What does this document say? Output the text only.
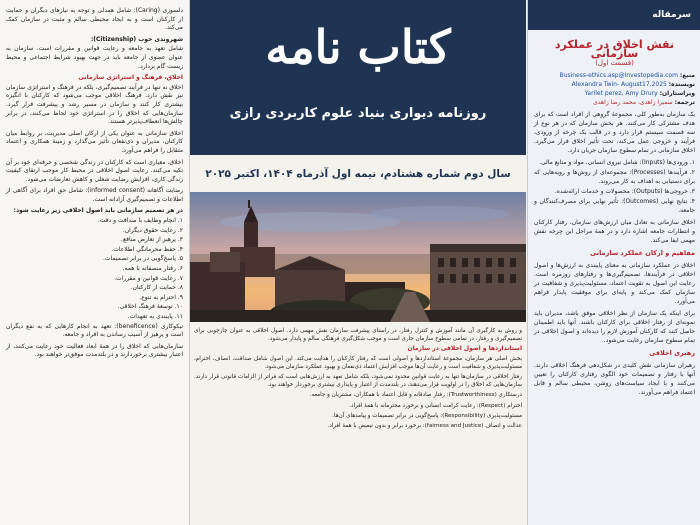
سرمقاله
نقش اخلاق در عملکرد سازمانی
(قسمت اول)
منبع: Business-ethics.asp@Investopedia.com
نویسنده: Alexandra Twin- August17,2025
ویراستاران: Yarilet perez, Amy Drury
ترجمه: سمیرا زاهدی، محمد رضا زاهدی

یک سازمان به‌طور کلی، مجموعۀ گروهی از افراد است که برای هدف مشترکی کار می‌کنند. هر بخش سازمان که در هر نوع از سه قسمت سیستم قرار دارد و در قالب یک چرخه از ورودی، فرآیند و خروجی عمل می‌کند، تحت تأثیر اخلاق قرار می‌گیرد. اخلاق سازمانی در تمام سطوح سازمان جریان دارد.

۱. ورودی‌ها (Inputs): شامل نیروی انسانی، مواد و منابع مالی.
۲. فرآیندها (Processes): مجموعه‌ای از روش‌ها و رویه‌هایی که برای دستیابی به اهداف به کار می‌روند.
۳. خروجی‌ها (Outputs): محصولات و خدمات ارائه‌شده.
۴. نتایج نهایی (Outcomes): تأثیر نهایی برای مصرف‌کنندگان و جامعه.

اخلاق سازمانی به تعادل میان ارزش‌های سازمان، رفتار کارکنان و انتظارات جامعه اشاره دارد و در همۀ مراحل این چرخه نقش مهمی ایفا می‌کند.

مفاهیم و ارکان عملکرد سازمانی

اخلاق در عملکرد سازمانی به معنای پایبندی به ارزش‌ها و اصول اخلاقی در فرآیندها، تصمیم‌گیری‌ها و رفتارهای روزمره است. رعایت این اصول به تقویت اعتماد، مسئولیت‌پذیری و شفافیت در سازمان کمک می‌کند و پایه‌ای برای موفقیت پایدار فراهم می‌آورد.

برای اینکه یک سازمان از نظر اخلاقی موفق باشد، مدیران باید نمونه‌ای از رفتار اخلاقی برای کارکنان باشند. آنها باید اطمینان حاصل کنند که کارکنان آموزش لازم را دیده‌اند و اصول اخلاقی در تمام سطوح سازمان رعایت می‌شود.

رهبری اخلاقی

رهبران سازمانی نقش کلیدی در شکل‌دهی فرهنگ اخلاقی دارند. آنها با رفتار و تصمیمات خود الگوی رفتاری کارکنان را تعیین می‌کنند و با ایجاد سیاست‌های روشن، محیطی سالم و قابل اعتماد فراهم می‌آورند.

کتاب نامه
روزنامه دیواری بنیاد علوم کاربردی رازی
سال دوم شماره هشتادم، نیمه اول آذرماه ۱۴۰۴، اکتبر ۲۰۲۵

و روش به کارگیری آن مانند آموزش و کنترل رفتار، در راستای پیشرفت سازمان نقش مهمی دارد. اصول اخلاقی به عنوان چارچوبی برای تصمیم‌گیری و رفتار، در تمامی سطوح سازمان جاری است و موجب شکل‌گیری فرهنگی سالم و پایدار می‌شود.

استانداردها و اصول اخلاقی در سازمان

بخش اصلی هر سازمان، مجموعۀ استانداردها و اصولی است که رفتار کارکنان را هدایت می‌کند. این اصول شامل صداقت، انصاف، احترام، مسئولیت‌پذیری و شفافیت است و رعایت آن‌ها موجب افزایش اعتماد ذی‌نفعان و بهبود عملکرد سازمان می‌شود.

رفتار اخلاقی در سازمان‌ها تنها به رعایت قوانین محدود نمی‌شود، بلکه شامل تعهد به ارزش‌هایی است که فراتر از الزامات قانونی قرار دارند. سازمان‌هایی که اخلاق را در اولویت قرار می‌دهند، در بلندمدت از اعتبار و پایداری بیشتری برخوردار خواهند بود.

درستکاری (Trustworthiness): رفتار صادقانه و قابل اعتماد با همکاران، مشتریان و جامعه.
احترام (Respect): رعایت کرامت انسانی و برخورد محترمانه با همۀ افراد.
مسئولیت‌پذیری (Responsibility): پاسخ‌گویی در برابر تصمیمات و پیامدهای آن‌ها.
عدالت و انصاف (fairness and Justice): برخورد برابر و بدون تبعیض با همۀ افراد.

دلسوزی (Caring): شامل همدلی و توجه به نیازهای دیگران و حمایت از کارکنان است و به ایجاد محیطی سالم و مثبت در سازمان کمک می‌کند.

شهروندی خوب (Citizenship):

شامل تعهد به جامعه و رعایت قوانین و مقررات است. سازمان به عنوان عضوی از جامعه باید در جهت بهبود شرایط اجتماعی و محیط زیست گام بردارد.

اخلاق، فرهنگ و استراتژی سازمانی

اخلاق نه تنها در فرآیند تصمیم‌گیری، بلکه در فرهنگ و استراتژی سازمان نیز نقش دارد. فرهنگ اخلاقی موجب می‌شود که کارکنان با انگیزه بیشتری کار کنند و سازمان در مسیر رشد و پیشرفت قرار گیرد. سازمان‌هایی که اخلاق را در استراتژی خود لحاظ می‌کنند، در برابر چالش‌ها انعطاف‌پذیرتر هستند.

اخلاق سازمانی به عنوان یکی از ارکان اصلی مدیریت، بر روابط میان کارکنان، مدیران و ذی‌نفعان تأثیر می‌گذارد و زمینۀ همکاری و اعتماد متقابل را فراهم می‌آورد.

اخلاق، معیاری است که کارکنان در زندگی شخصی و حرفه‌ای خود بر آن تکیه می‌کنند. رعایت اصول اخلاقی در محیط کار موجب ارتقای کیفیت زندگی کاری، افزایش رضایت شغلی و کاهش تعارضات می‌شود.

رضایت آگاهانه (informed consent): شامل حق افراد برای آگاهی از اطلاعات و تصمیم‌گیری آزادانه است.

در هر تصمیم سازمانی باید اصول اخلاقی زیر رعایت شود:
۱. انجام وظایف با صداقت و دقت.
۲. رعایت حقوق دیگران.
۳. پرهیز از تعارض منافع.
۴. حفظ محرمانگی اطلاعات.
۵. پاسخ‌گویی در برابر تصمیمات.
۶. رفتار منصفانه با همه.
۷. رعایت قوانین و مقررات.
۸. حمایت از کارکنان.
۹. احترام به تنوع.
۱۰. توسعۀ فرهنگ اخلاقی.
۱۱. پایبندی به تعهدات.

نیکوکاری (beneficence): تعهد به انجام کارهایی که به نفع دیگران است و پرهیز از آسیب رساندن به افراد و جامعه.

سازمان‌هایی که اخلاق را در همۀ ابعاد فعالیت خود رعایت می‌کنند، از اعتبار بیشتری برخوردارند و در بلندمدت موفق‌تر خواهند بود.
